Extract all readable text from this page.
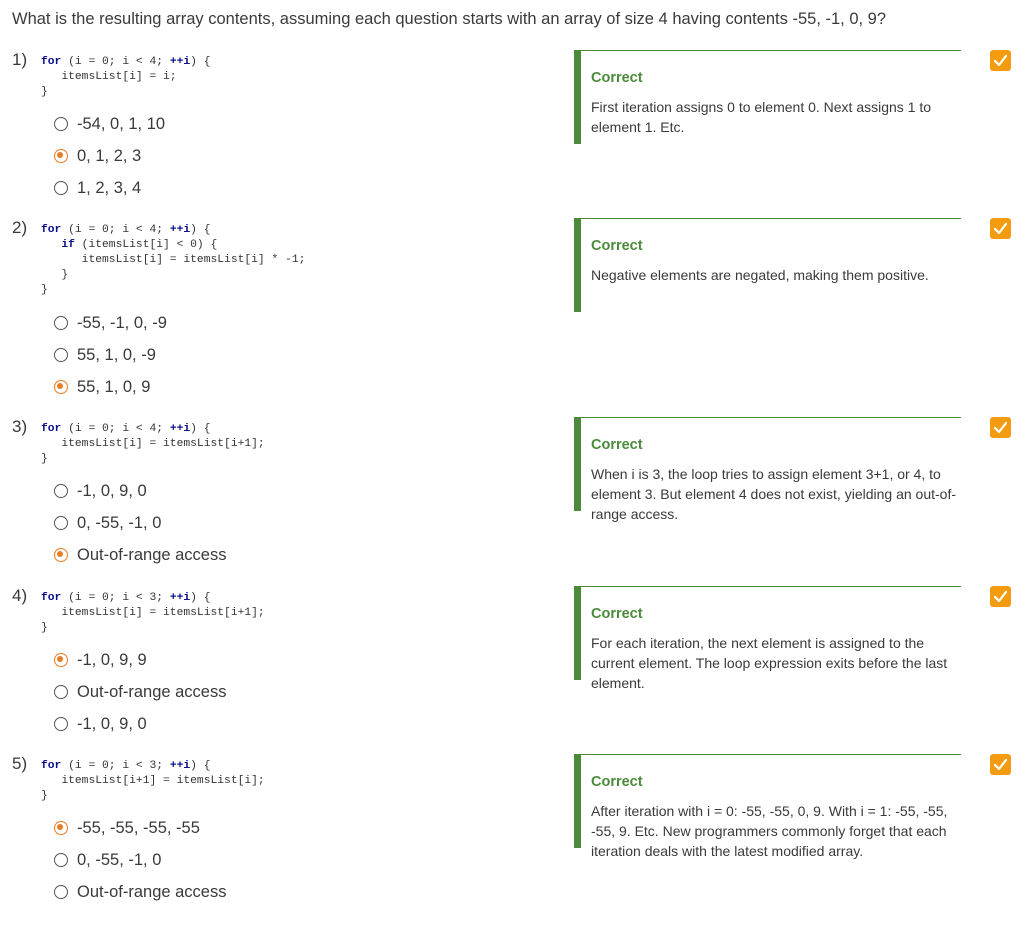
What is the resulting array contents, assuming each question starts with an array of size 4 having contents -55, -1, 0, 9?
1) for (i = 0; i < 4; ++i) {
itemsList[i] = i;
}
-54, 0, 1, 10
0, 1, 2, 3
1, 2, 3, 4
Correct
First iteration assigns 0 to element 0. Next assigns 1 to element 1. Etc.
2) for (i = 0; i < 4; ++i) {
if (itemsList[i] < 0) {
itemsList[i] = itemsList[i] * -1;
}
}
-55, -1, 0, -9
55, 1, 0, -9
55, 1, 0, 9
Correct
Negative elements are negated, making them positive.
3) for (i = 0; i < 4; ++i) {
itemsList[i] = itemsList[i+1];
}
-1, 0, 9, 0
0, -55, -1, 0
Out-of-range access
Correct
When i is 3, the loop tries to assign element 3+1, or 4, to element 3. But element 4 does not exist, yielding an out-of-range access.
4) for (i = 0; i < 3; ++i) {
itemsList[i] = itemsList[i+1];
}
-1, 0, 9, 9
Out-of-range access
-1, 0, 9, 0
Correct
For each iteration, the next element is assigned to the current element. The loop expression exits before the last element.
5) for (i = 0; i < 3; ++i) {
itemsList[i+1] = itemsList[i];
}
-55, -55, -55, -55
0, -55, -1, 0
Out-of-range access
Correct
After iteration with i = 0: -55, -55, 0, 9. With i = 1: -55, -55, -55, 9. Etc. New programmers commonly forget that each iteration deals with the latest modified array.
